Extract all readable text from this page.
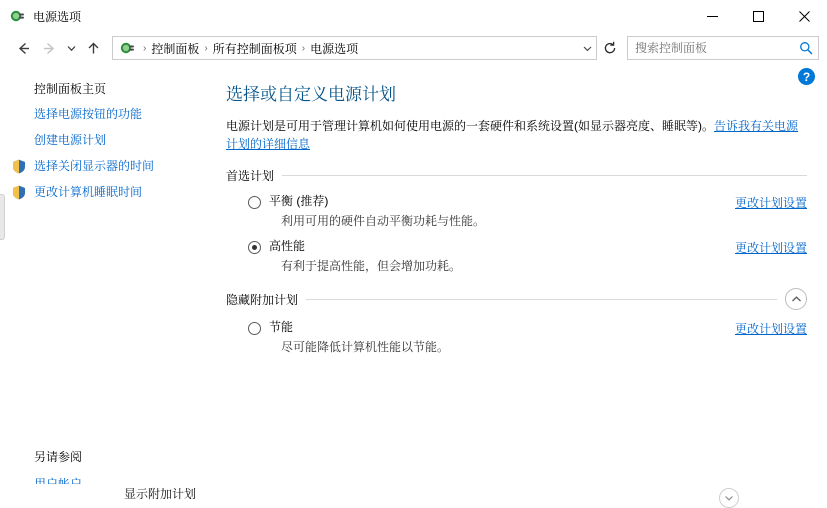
电源选项
› 控制面板 › 所有控制面板项 › 电源选项
搜索控制面板
控制面板主页
选择电源按钮的功能
创建电源计划
选择关闭显示器的时间
更改计算机睡眠时间
另请参阅
?
选择或自定义电源计划

电源计划是可用于管理计算机如何使用电源的一套硬件和系统设置(如显示器亮度、睡眠等)。告诉我有关电源计划的详细信息

首选计划
平衡 (推荐)
利用可用的硬件自动平衡功耗与性能。
更改计划设置
高性能
有利于提高性能，但会增加功耗。
更改计划设置
隐藏附加计划
节能
尽可能降低计算机性能以节能。
更改计划设置
显示附加计划
